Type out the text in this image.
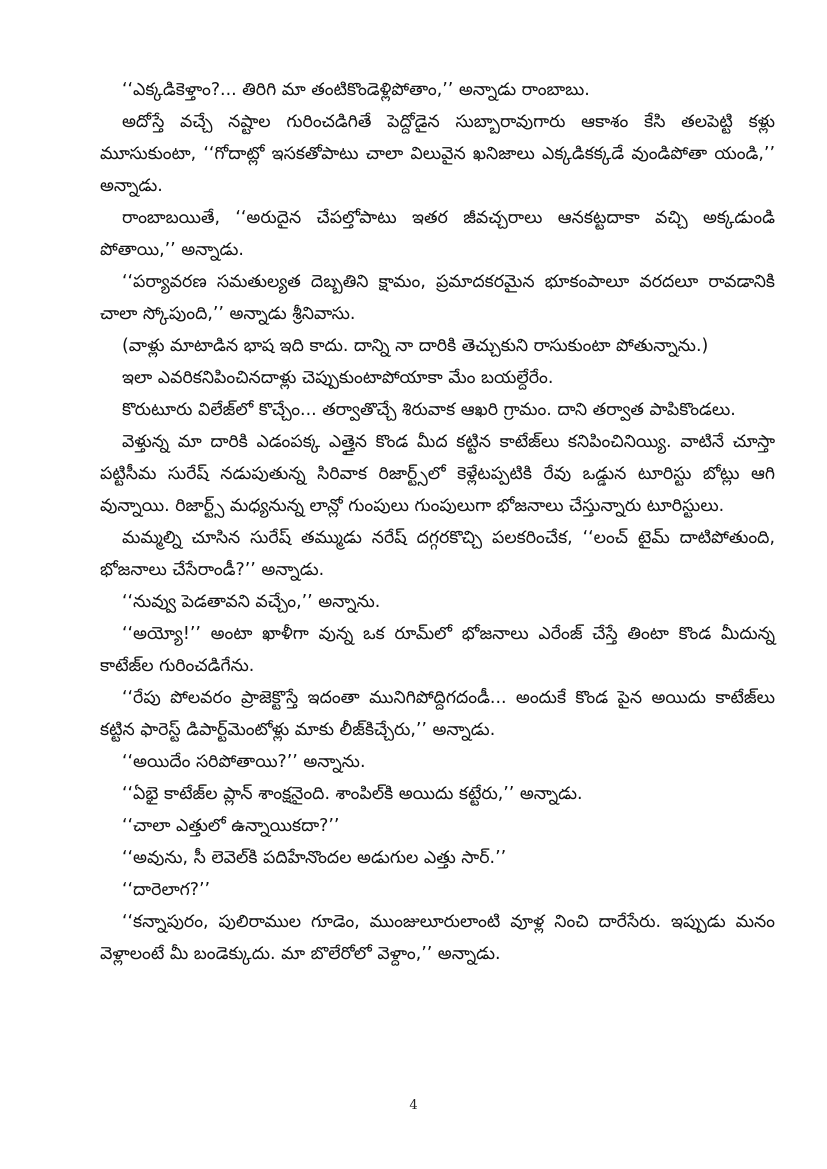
‘‘ఎక్కడికెళ్తాం?... తిరిగి మా తంటికొండెళ్లిపోతాం,’’ అన్నాడు రాంబాబు.

అదోస్తే వచ్చే నష్టాల గురించడిగితే పెద్దోడైన సుబ్బారావుగారు ఆకాశం కేసి తలపెట్టి కళ్లు మూసుకుంటా, ‘‘గోదాట్లో ఇసకతోపాటు చాలా విలువైన ఖనిజాలు ఎక్కడికక్కడే వుండిపోతా యండి,’’ అన్నాడు.

రాంబాబయితే, ‘‘అరుదైన చేపల్తోపాటు ఇతర జీవచ్చరాలు ఆనకట్టదాకా వచ్చి అక్కడుండి పోతాయి,’’ అన్నాడు.

‘‘పర్యావరణ సమతుల్యత దెబ్బతిని క్షామం, ప్రమాదకరమైన భూకంపాలూ వరదలూ రావడానికి చాలా స్కోపుంది,’’ అన్నాడు శ్రీనివాసు.

(వాళ్లు మాటాడిన భాష ఇది కాదు. దాన్ని నా దారికి తెచ్చుకుని రాసుకుంటా పోతున్నాను.)

ఇలా ఎవరికనిపించినదాళ్లు చెప్పుకుంటాపోయాకా మేం బయల్దేరేం.

కొరుటూరు విలేజ్‌లో కొచ్చేం... తర్వాతొచ్చే శిరువాక ఆఖరి గ్రామం. దాని తర్వాత పాపికొండలు.

వెళ్తున్న మా దారికి ఎడంపక్క ఎత్తైన కొండ మీద కట్టిన కాటేజ్‌లు కనిపించినియ్యి. వాటినే చూస్తా పట్టిసీమ సురేష్ నడుపుతున్న సిరివాక రిజార్ట్స్‌లో కెళ్లేటప్పటికి రేవు ఒడ్డున టూరిస్టు బోట్లు ఆగి వున్నాయి. రిజార్ట్స్ మధ్యనున్న లాన్లో గుంపులు గుంపులుగా భోజనాలు చేస్తున్నారు టూరిస్టులు.

మమ్మల్ని చూసిన సురేష్ తమ్ముడు నరేష్ దగ్గరకొచ్చి పలకరించేక, ‘‘లంచ్ టైమ్ దాటిపోతుంది, భోజనాలు చేసేరాండీ?’’ అన్నాడు.

‘‘నువ్వు పెడతావని వచ్చేం,’’ అన్నాను.

‘‘అయ్యో!’’ అంటా ఖాళీగా వున్న ఒక రూమ్‌లో భోజనాలు ఎరేంజ్ చేస్తే తింటా కొండ మీదున్న కాటేజ్‌ల గురించడిగేను.

‘‘రేపు పోలవరం ప్రాజెక్టొస్తే ఇదంతా మునిగిపోద్దిగదండీ... అందుకే కొండ పైన అయిదు కాటేజ్‌లు కట్టిన ఫారెస్ట్ డిపార్ట్‌మెంటోళ్లు మాకు లీజ్‌కిచ్చేరు,’’ అన్నాడు.

‘‘అయిదేం సరిపోతాయి?’’ అన్నాను.

‘‘ఏభై కాటేజ్‌ల ప్లాన్ శాంక్షనైంది. శాంపిల్‌కి అయిదు కట్టేరు,’’ అన్నాడు.

‘‘చాలా ఎత్తులో ఉన్నాయికదా?’’

‘‘అవును, సీ లెవెల్‌కి పదిహేనొందల అడుగుల ఎత్తు సార్.’’

‘‘దారెలాగ?’’

‘‘కన్నాపురం, పులిరాముల గూడెం, ముంజులూరులాంటి వూళ్ల నించి దారేసేరు. ఇప్పుడు మనం వెళ్లాలంటే మీ బండెక్కుదు. మా బొలేరోలో వెళ్దాం,’’ అన్నాడు.

4
